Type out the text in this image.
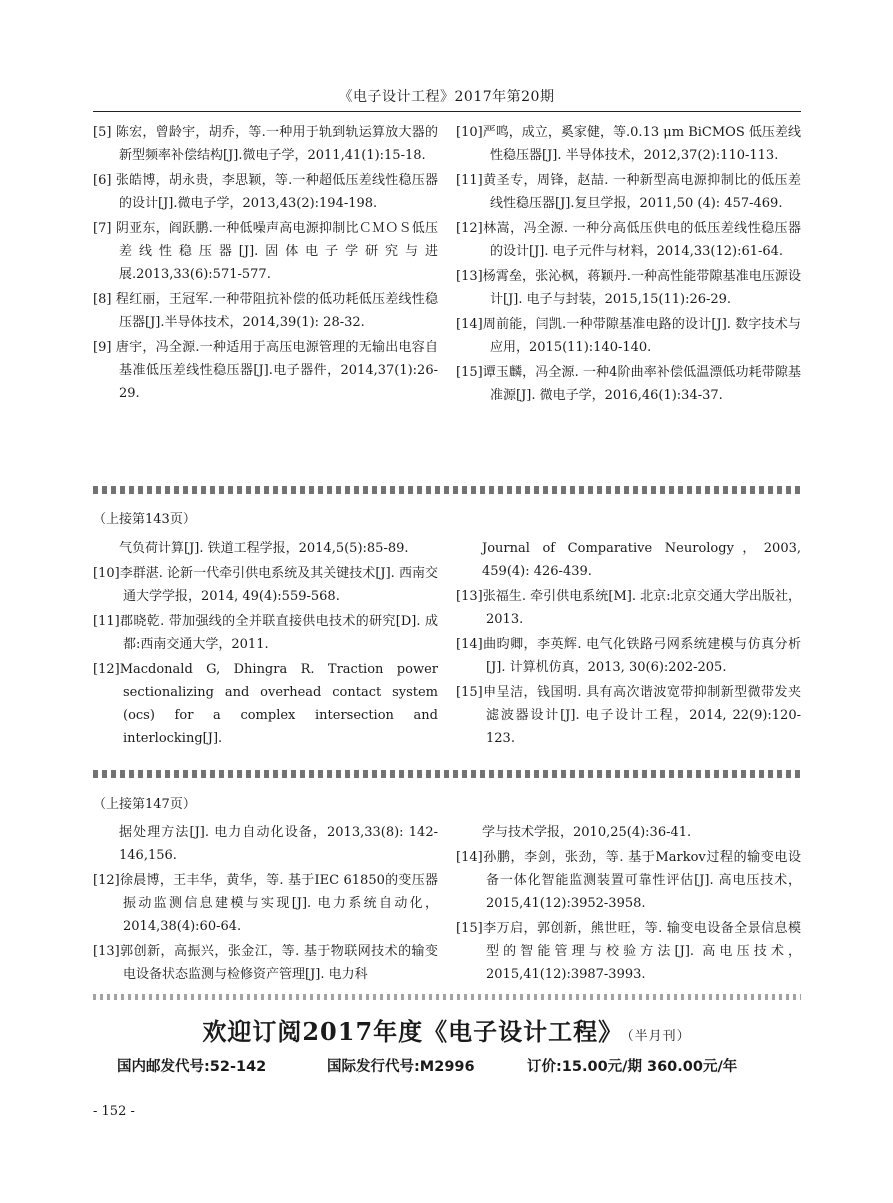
《电子设计工程》2017年第20期
[5] 陈宏，曾龄宇，胡乔，等.一种用于轨到轨运算放大器的新型频率补偿结构[J].微电子学，2011,41(1):15-18.
[6] 张皓博，胡永贵，李思颖，等.一种超低压差线性稳压器的设计[J].微电子学，2013,43(2):194-198.
[7] 阴亚东，阎跃鹏.一种低噪声高电源抑制比ＣＭＯＳ低压差线性稳压器[J].固体电子学研究与进展.2013,33(6):571-577.
[8] 程红丽，王冠军.一种带阻抗补偿的低功耗低压差线性稳压器[J].半导体技术，2014,39(1): 28-32.
[9] 唐宇，冯全源.一种适用于高压电源管理的无输出电容自基准低压差线性稳压器[J].电子器件，2014,37(1):26-29.
[10]严鸣，成立，奚家健，等.0.13 μm BiCMOS 低压差线性稳压器[J]. 半导体技术，2012,37(2):110-113.
[11]黄圣专，周锋，赵喆. 一种新型高电源抑制比的低压差线性稳压器[J].复旦学报，2011,50 (4): 457-469.
[12]林嵩，冯全源. 一种分高低压供电的低压差线性稳压器的设计[J]. 电子元件与材料，2014,33(12):61-64.
[13]杨霄垒，张沁枫，蒋颖丹.一种高性能带隙基准电压源设计[J]. 电子与封装，2015,15(11):26-29.
[14]周前能，闫凯.一种带隙基准电路的设计[J]. 数字技术与应用，2015(11):140-140.
[15]谭玉麟，冯全源. 一种4阶曲率补偿低温漂低功耗带隙基准源[J]. 微电子学，2016,46(1):34-37.
（上接第143页）
气负荷计算[J]. 铁道工程学报，2014,5(5):85-89.
[10]李群湛. 论新一代牵引供电系统及其关键技术[J]. 西南交通大学学报，2014, 49(4):559-568.
[11]郡晓乾. 带加强线的全并联直接供电技术的研究[D]. 成都:西南交通大学，2011.
[12]Macdonald G, Dhingra R. Traction power sectionalizing and overhead contact system (ocs) for a complex intersection and interlocking[J].
Journal of Comparative Neurology，2003, 459(4): 426-439.
[13]张福生. 牵引供电系统[M]. 北京:北京交通大学出版社，2013.
[14]曲昀卿，李英辉. 电气化铁路弓网系统建模与仿真分析[J]. 计算机仿真，2013, 30(6):202-205.
[15]申呈洁，钱国明. 具有高次谐波宽带抑制新型微带发夹滤波器设计[J]. 电子设计工程，2014, 22(9):120-123.
（上接第147页）
据处理方法[J]. 电力自动化设备，2013,33(8): 142-146,156.
[12]徐晨博，王丰华，黄华，等. 基于IEC 61850的变压器振动监测信息建模与实现[J]. 电力系统自动化，2014,38(4):60-64.
[13]郭创新，高振兴，张金江，等. 基于物联网技术的输变电设备状态监测与检修资产管理[J]. 电力科
学与技术学报，2010,25(4):36-41.
[14]孙鹏，李剑，张劲，等. 基于Markov过程的输变电设备一体化智能监测装置可靠性评估[J]. 高电压技术，2015,41(12):3952-3958.
[15]李万启，郭创新，熊世旺，等. 输变电设备全景信息模型的智能管理与校验方法[J]. 高电压技术，2015,41(12):3987-3993.
欢迎订阅2017年度《电子设计工程》 （半月刊）
国内邮发代号:52-142	国际发行代号:M2996	订价:15.00元/期 360.00元/年
- 152 -
